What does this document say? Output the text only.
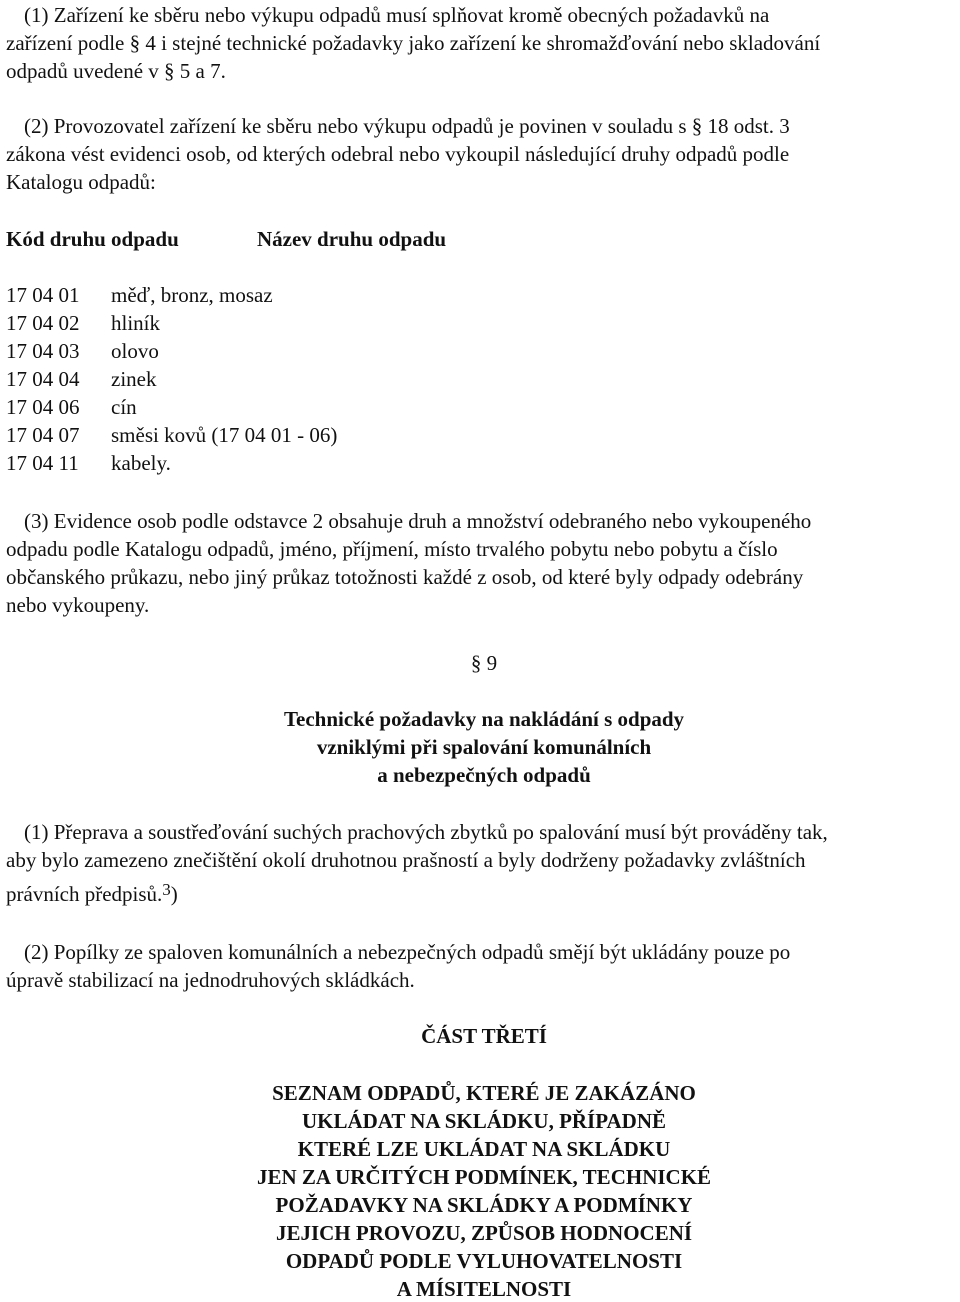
(1) Zařízení ke sběru nebo výkupu odpadů musí splňovat kromě obecných požadavků na
zařízení podle § 4 i stejné technické požadavky jako zařízení ke shromažďování nebo skladování
odpadů uvedené v § 5 a 7.
(2) Provozovatel zařízení ke sběru nebo výkupu odpadů je povinen v souladu s § 18 odst. 3
zákona vést evidenci osob, od kterých odebral nebo vykoupil následující druhy odpadů podle
Katalogu odpadů:
Kód druhu odpadu	Název druhu odpadu
17 04 01 měď, bronz, mosaz
17 04 02 hliník
17 04 03 olovo
17 04 04 zinek
17 04 06 cín
17 04 07 směsi kovů (17 04 01 - 06)
17 04 11 kabely.
(3) Evidence osob podle odstavce 2 obsahuje druh a množství odebraného nebo vykoupeného
odpadu podle Katalogu odpadů, jméno, příjmení, místo trvalého pobytu nebo pobytu a číslo
občanského průkazu, nebo jiný průkaz totožnosti každé z osob, od které byly odpady odebrány
nebo vykoupeny.
§ 9
Technické požadavky na nakládání s odpady
vzniklými při spalování komunálních
a nebezpečných odpadů
(1) Přeprava a soustřeďování suchých prachových zbytků po spalování musí být prováděny tak,
aby bylo zamezeno znečištění okolí druhotnou prašností a byly dodrženy požadavky zvláštních
právních předpisů.$^3$)
(2) Popílky ze spaloven komunálních a nebezpečných odpadů smějí být ukládány pouze po
úpravě stabilizací na jednodruhových skládkách.
ČÁST TŘETÍ
SEZNAM ODPADŮ, KTERÉ JE ZAKÁZÁNO
UKLÁDAT NA SKLÁDKU, PŘÍPADNĚ
KTERÉ LZE UKLÁDAT NA SKLÁDKU
JEN ZA URČITÝCH PODMÍNEK, TECHNICKÉ
POŽADAVKY NA SKLÁDKY A PODMÍNKY
JEJICH PROVOZU, ZPŮSOB HODNOCENÍ
ODPADŮ PODLE VYLUHOVATELNOSTI
A MÍSITELNOSTI
